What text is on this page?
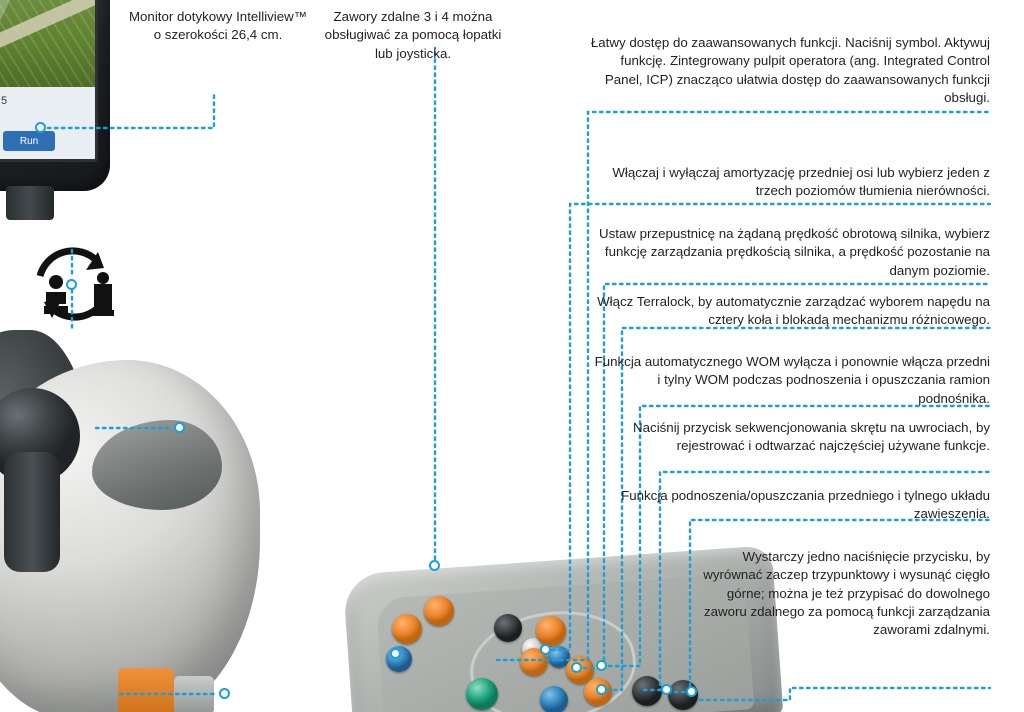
5
Run
Monitor dotykowy Intelliview™ o szerokości 26,4 cm.
Zawory zdalne 3 i 4 można obsługiwać za pomocą łopatki lub joysticka.
Łatwy dostęp do zaawansowanych funkcji. Naciśnij symbol. Aktywuj funkcję. Zintegrowany pulpit operatora (ang. Integrated Control Panel, ICP) znacząco ułatwia dostęp do zaawansowanych funkcji obsługi.
Włączaj i wyłączaj amortyzację przedniej osi lub wybierz jeden z trzech poziomów tłumienia nierówności.
Ustaw przepustnicę na żądaną prędkość obrotową silnika, wybierz funkcję zarządzania prędkością silnika, a prędkość pozostanie na danym poziomie.
Włącz Terralock, by automatycznie zarządzać wyborem napędu na cztery koła i blokadą mechanizmu różnicowego.
Funkcja automatycznego WOM wyłącza i ponownie włącza przedni i tylny WOM podczas podnoszenia i opuszczania ramion podnośnika.
Naciśnij przycisk sekwencjonowania skrętu na uwrociach, by rejestrować i odtwarzać najczęściej używane funkcje.
Funkcja podnoszenia/opuszczania przedniego i tylnego układu zawieszenia.
Wystarczy jedno naciśnięcie przycisku, by wyrównać zaczep trzypunktowy i wysunąć cięgło górne; można je też przypisać do dowolnego zaworu zdalnego za pomocą funkcji zarządzania zaworami zdalnymi.
